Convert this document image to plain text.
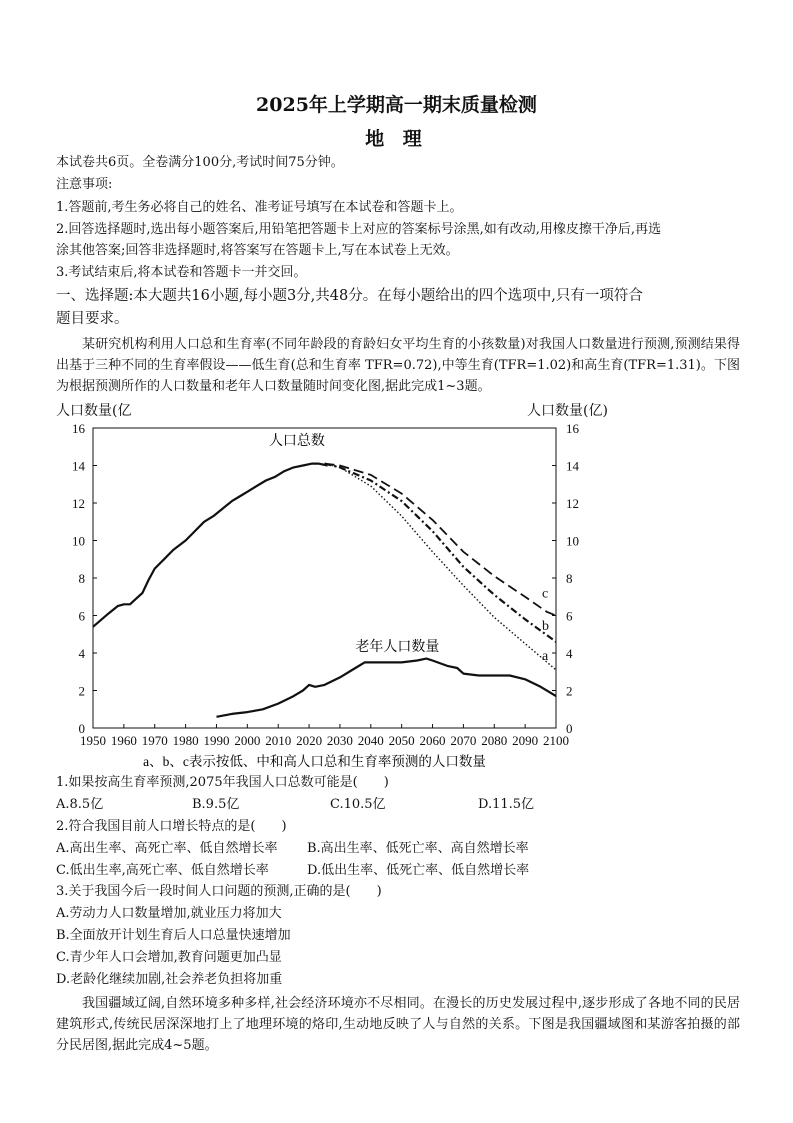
2025年上学期高一期末质量检测
地 理
本试卷共6页。全卷满分100分,考试时间75分钟。
注意事项:
1.答题前,考生务必将自己的姓名、准考证号填写在本试卷和答题卡上。
2.回答选择题时,选出每小题答案后,用铅笔把答题卡上对应的答案标号涂黑,如有改动,用橡皮擦干净后,再选
涂其他答案;回答非选择题时,将答案写在答题卡上,写在本试卷上无效。
3.考试结束后,将本试卷和答题卡一并交回。
一、选择题:本大题共16小题,每小题3分,共48分。在每小题给出的四个选项中,只有一项符合
题目要求。
某研究机构利用人口总和生育率(不同年龄段的育龄妇女平均生育的小孩数量)对我国人口数量进行预测,预测结果得出基于三种不同的生育率假设——低生育(总和生育率 TFR=0.72),中等生育(TFR=1.02)和高生育(TFR=1.31)。下图为根据预测所作的人口数量和老年人口数量随时间变化图,据此完成1~3题。
人口数量(亿	人口数量(亿)
1950 1960 1970 1980 1990 2000 2010 2020 2030 2040 2050 2060 2070 2080 2090 2100
0	0
2	2
4	4
6	6
8	8
10	10
12	12
14	14
16	16
a
b
c
人口总数
老年人口数量
a、b、c表示按低、中和高人口总和生育率预测的人口数量
1.如果按高生育率预测,2075年我国人口总数可能是(　　)
A.8.5亿	B.9.5亿	C.10.5亿	D.11.5亿
2.符合我国目前人口增长特点的是(　　)
A.高出生率、高死亡率、低自然增长率 B.高出生率、低死亡率、高自然增长率
C.低出生率,高死亡率、低自然增长率	D.低出生率、低死亡率、低自然增长率
3.关于我国今后一段时间人口问题的预测,正确的是(　　)
A.劳动力人口数量增加,就业压力将加大
B.全面放开计划生育后人口总量快速增加
C.青少年人口会增加,教育问题更加凸显
D.老龄化继续加剧,社会养老负担将加重
我国疆域辽阔,自然环境多种多样,社会经济环境亦不尽相同。在漫长的历史发展过程中,逐步形成了各地不同的民居建筑形式,传统民居深深地打上了地理环境的烙印,生动地反映了人与自然的关系。下图是我国疆域图和某游客拍摄的部分民居图,据此完成4~5题。
